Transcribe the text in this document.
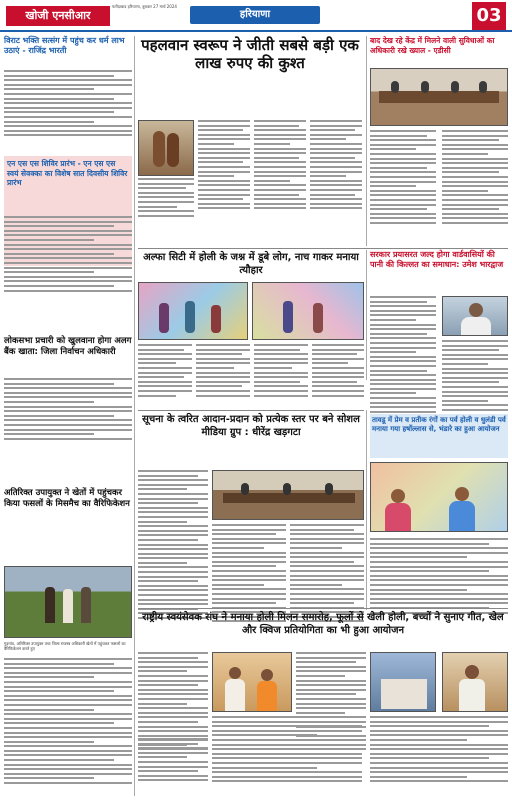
खोजी एनसीआर
फरीदाबाद हरियाणा, बुधवार 27 मार्च 2024
हरियाणा	03
विराट भक्ति सत्संग में पहुंच कर धर्म लाभ उठाएं - राजिंद्र भारती
एन एस एस शिविर प्रारंभ - एन एस एस स्वयं सेवक्का का विशेष सात दिवसीय शिविर प्रारंभ
लोकसभा प्रचारी को खुलवाना होगा अलग बैंक खाता: जिला निर्वाचन अधिकारी
अतिरिक्त उपायुक्त ने खेतों में पहुंचकर किया फसलों के मिसमैच का वैरिफिकेशन
गुड़गांव, अतिरिक्त उपायुक्त तथा जिला राजस्व अधिकारी खेतों में पहुंचकर फसलों का वैरिफिकेशन करते हुए
पहलवान स्वरूप ने जीती सबसे बड़ी एक लाख रुपए की कुश्त
बाद देख रहे केंद्र में मिलने वाली सुविधाओं का अधिकारी रखे ख्याल - एडीसी
अल्फा सिटी में होली के जश्न में डूबे लोग, नाच गाकर मनाया त्यौहार
सरकार प्रयासरत जल्द होगा वार्डवासियों की पानी की किल्लत का समाधान: उमेश भारद्वाज
सूचना के त्वरित आदान-प्रदान को प्रत्येक स्तर पर बने सोशल मीडिया ग्रुप : धीरेंद्र खड़गटा
तावडू में प्रेम व प्रतीक रंगों का पर्व होली व धुलंडी पर्व मनाया गया हर्षोल्लास से, भंडारे का हुआ आयोजन
राष्ट्रीय स्वयंसेवक संघ ने मनाया होली मिलन समारोह, फूलों से खेली होली, बच्चों ने सुनाए गीत, खेल और क्विज प्रतियोगिता का भी हुआ आयोजन
